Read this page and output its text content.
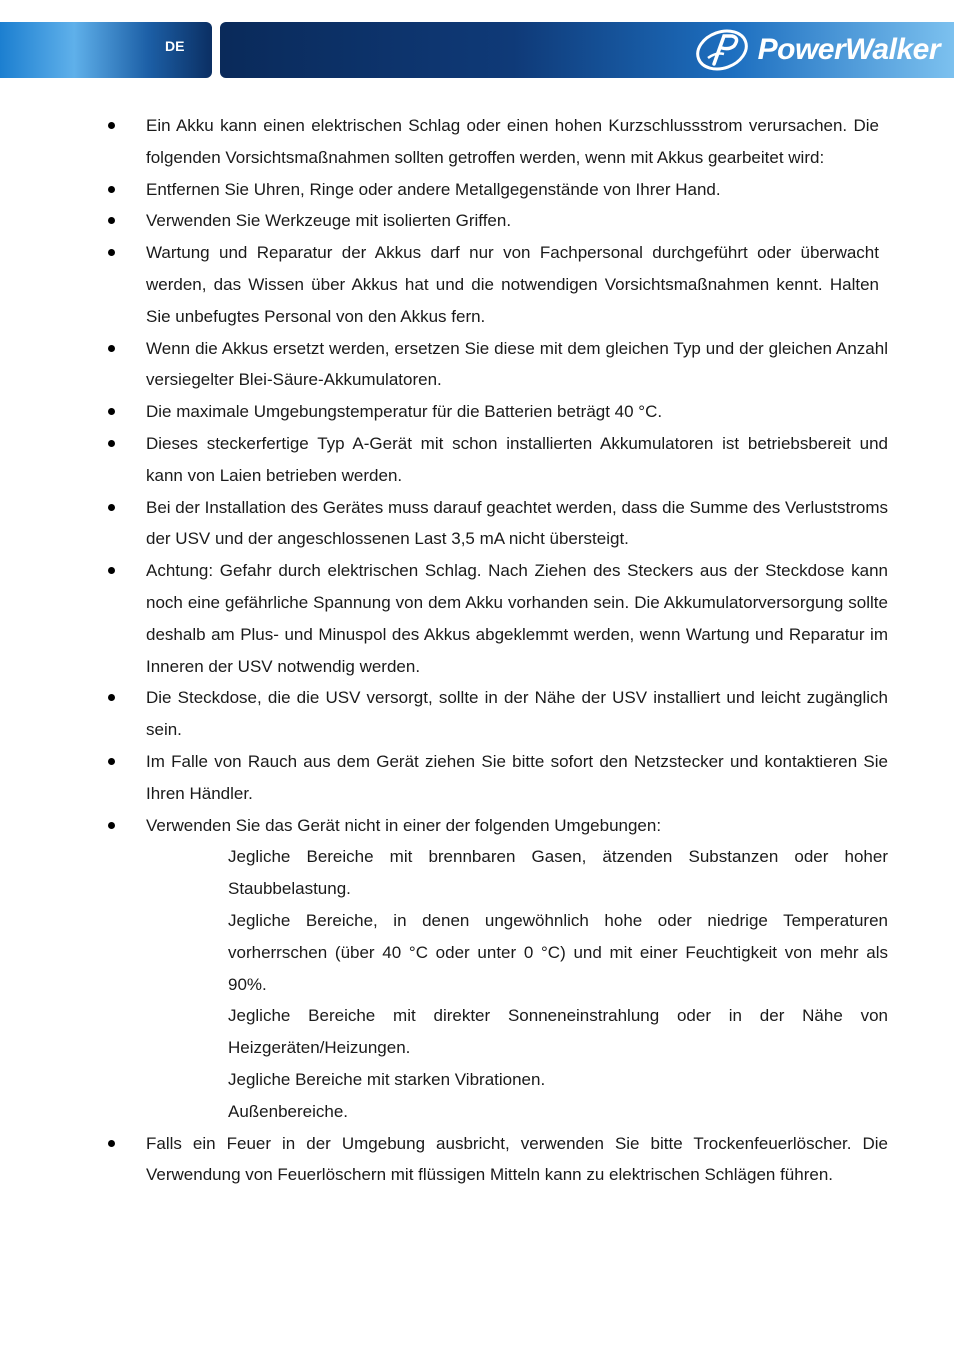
DE	PowerWalker
Ein Akku kann einen elektrischen Schlag oder einen hohen Kurzschlussstrom verursachen. Die folgenden Vorsichtsmaßnahmen sollten getroffen werden, wenn mit Akkus gearbeitet wird:
Entfernen Sie Uhren, Ringe oder andere Metallgegenstände von Ihrer Hand.
Verwenden Sie Werkzeuge mit isolierten Griffen.
Wartung und Reparatur der Akkus darf nur von Fachpersonal durchgeführt oder überwacht werden, das Wissen über Akkus hat und die notwendigen Vorsichtsmaßnahmen kennt. Halten Sie unbefugtes Personal von den Akkus fern.
Wenn die Akkus ersetzt werden, ersetzen Sie diese mit dem gleichen Typ und der gleichen Anzahl versiegelter Blei-Säure-Akkumulatoren.
Die maximale Umgebungstemperatur für die Batterien beträgt 40 °C.
Dieses steckerfertige Typ A-Gerät mit schon installierten Akkumulatoren ist betriebsbereit und kann von Laien betrieben werden.
Bei der Installation des Gerätes muss darauf geachtet werden, dass die Summe des Verluststroms der USV und der angeschlossenen Last 3,5 mA nicht übersteigt.
Achtung: Gefahr durch elektrischen Schlag. Nach Ziehen des Steckers aus der Steckdose kann noch eine gefährliche Spannung von dem Akku vorhanden sein. Die Akkumulatorversorgung sollte deshalb am Plus- und Minuspol des Akkus abgeklemmt werden, wenn Wartung und Reparatur im Inneren der USV notwendig werden.
Die Steckdose, die die USV versorgt, sollte in der Nähe der USV installiert und leicht zugänglich sein.
Im Falle von Rauch aus dem Gerät ziehen Sie bitte sofort den Netzstecker und kontaktieren Sie Ihren Händler.
Verwenden Sie das Gerät nicht in einer der folgenden Umgebungen:
Jegliche Bereiche mit brennbaren Gasen, ätzenden Substanzen oder hoher Staubbelastung.
Jegliche Bereiche, in denen ungewöhnlich hohe oder niedrige Temperaturen vorherrschen (über 40 °C oder unter 0 °C) und mit einer Feuchtigkeit von mehr als 90%.
Jegliche Bereiche mit direkter Sonneneinstrahlung oder in der Nähe von Heizgeräten/Heizungen.
Jegliche Bereiche mit starken Vibrationen.
Außenbereiche.
Falls ein Feuer in der Umgebung ausbricht, verwenden Sie bitte Trockenfeuerlöscher. Die Verwendung von Feuerlöschern mit flüssigen Mitteln kann zu elektrischen Schlägen führen.
